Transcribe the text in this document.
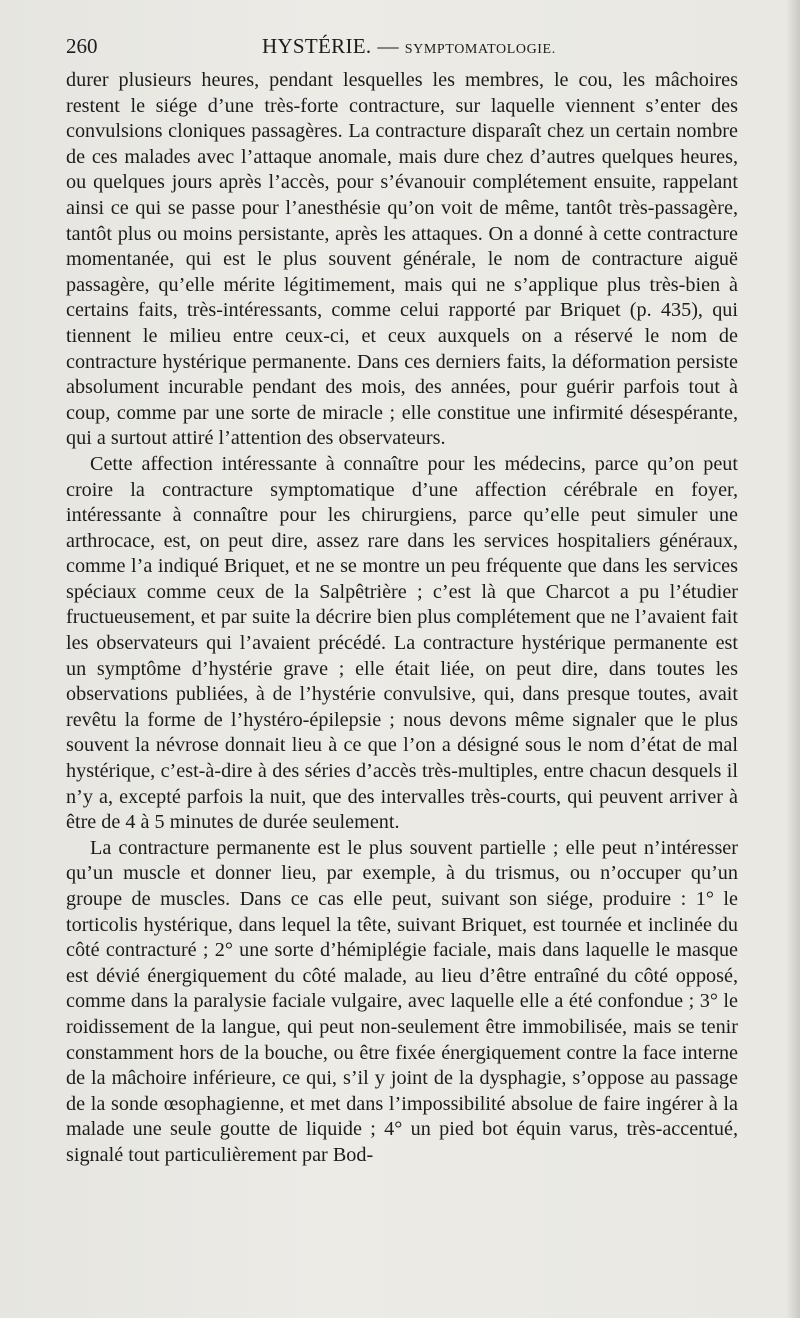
260	HYSTÉRIE. — SYMPTOMATOLOGIE.

durer plusieurs heures, pendant lesquelles les membres, le cou, les mâchoires restent le siége d’une très-forte contracture, sur laquelle viennent s’enter des convulsions cloniques passagères. La contracture disparaît chez un certain nombre de ces malades avec l’attaque anomale, mais dure chez d’autres quelques heures, ou quelques jours après l’accès, pour s’évanouir complétement ensuite, rappelant ainsi ce qui se passe pour l’anesthésie qu’on voit de même, tantôt très-passagère, tantôt plus ou moins persistante, après les attaques. On a donné à cette contracture momentanée, qui est le plus souvent générale, le nom de contracture aiguë passagère, qu’elle mérite légitimement, mais qui ne s’applique plus très-bien à certains faits, très-intéressants, comme celui rapporté par Briquet (p. 435), qui tiennent le milieu entre ceux-ci, et ceux auxquels on a réservé le nom de contracture hystérique permanente. Dans ces derniers faits, la déformation persiste absolument incurable pendant des mois, des années, pour guérir parfois tout à coup, comme par une sorte de miracle ; elle constitue une infirmité désespérante, qui a surtout attiré l’attention des observateurs.

Cette affection intéressante à connaître pour les médecins, parce qu’on peut croire la contracture symptomatique d’une affection cérébrale en foyer, intéressante à connaître pour les chirurgiens, parce qu’elle peut simuler une arthrocace, est, on peut dire, assez rare dans les services hospitaliers généraux, comme l’a indiqué Briquet, et ne se montre un peu fréquente que dans les services spéciaux comme ceux de la Salpêtrière ; c’est là que Charcot a pu l’étudier fructueusement, et par suite la décrire bien plus complétement que ne l’avaient fait les observateurs qui l’avaient précédé. La contracture hystérique permanente est un symptôme d’hystérie grave ; elle était liée, on peut dire, dans toutes les observations publiées, à de l’hystérie convulsive, qui, dans presque toutes, avait revêtu la forme de l’hystéro-épilepsie ; nous devons même signaler que le plus souvent la névrose donnait lieu à ce que l’on a désigné sous le nom d’état de mal hystérique, c’est-à-dire à des séries d’accès très-multiples, entre chacun desquels il n’y a, excepté parfois la nuit, que des intervalles très-courts, qui peuvent arriver à être de 4 à 5 minutes de durée seulement.

La contracture permanente est le plus souvent partielle ; elle peut n’intéresser qu’un muscle et donner lieu, par exemple, à du trismus, ou n’occuper qu’un groupe de muscles. Dans ce cas elle peut, suivant son siége, produire : 1° le torticolis hystérique, dans lequel la tête, suivant Briquet, est tournée et inclinée du côté contracturé ; 2° une sorte d’hémiplégie faciale, mais dans laquelle le masque est dévié énergiquement du côté malade, au lieu d’être entraîné du côté opposé, comme dans la paralysie faciale vulgaire, avec laquelle elle a été confondue ; 3° le roidissement de la langue, qui peut non-seulement être immobilisée, mais se tenir constamment hors de la bouche, ou être fixée énergiquement contre la face interne de la mâchoire inférieure, ce qui, s’il y joint de la dysphagie, s’oppose au passage de la sonde œsophagienne, et met dans l’impossibilité absolue de faire ingérer à la malade une seule goutte de liquide ; 4° un pied bot équin varus, très-accentué, signalé tout particulièrement par Bod-
